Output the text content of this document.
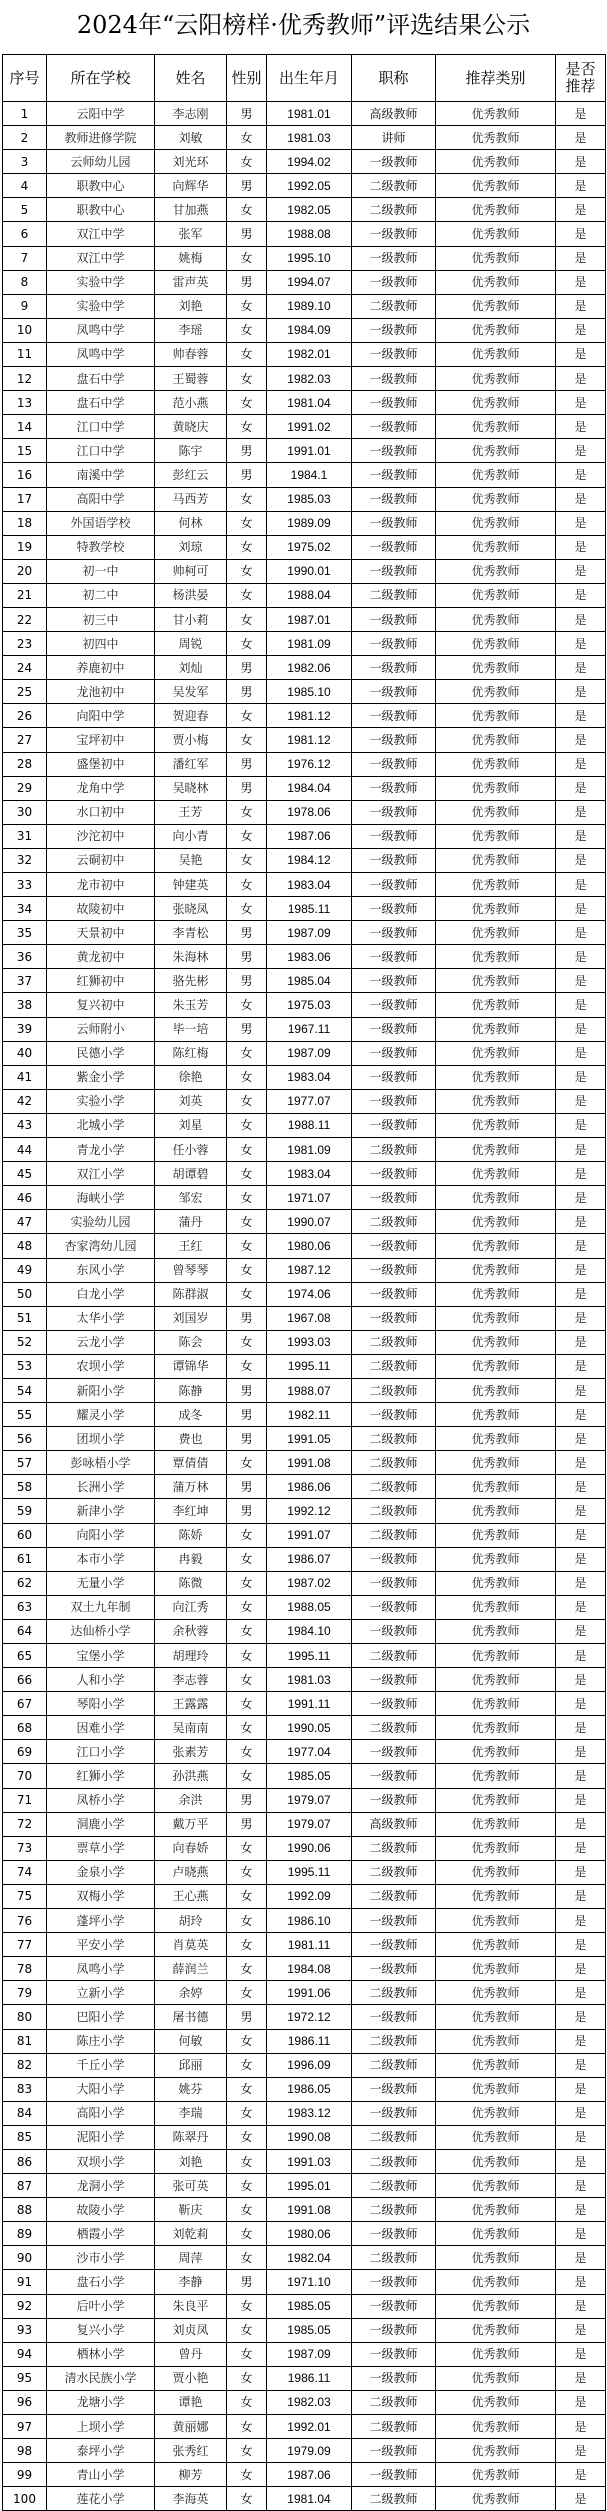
2024年“云阳榜样·优秀教师”评选结果公示
序号	所在学校	姓名	性别	出生年月	职称	推荐类别	是否推荐
1	云阳中学	李志刚	男	1981.01	高级教师	优秀教师	是
2	教师进修学院	刘敏	女	1981.03	讲师	优秀教师	是
3	云师幼儿园	刘光环	女	1994.02	一级教师	优秀教师	是
4	职教中心	向辉华	男	1992.05	二级教师	优秀教师	是
5	职教中心	甘加燕	女	1982.05	二级教师	优秀教师	是
6	双江中学	张军	男	1988.08	一级教师	优秀教师	是
7	双江中学	姚梅	女	1995.10	一级教师	优秀教师	是
8	实验中学	雷声英	男	1994.07	一级教师	优秀教师	是
9	实验中学	刘艳	女	1989.10	二级教师	优秀教师	是
10	凤鸣中学	李瑶	女	1984.09	一级教师	优秀教师	是
11	凤鸣中学	帅春蓉	女	1982.01	一级教师	优秀教师	是
12	盘石中学	王蜀蓉	女	1982.03	一级教师	优秀教师	是
13	盘石中学	范小燕	女	1981.04	一级教师	优秀教师	是
14	江口中学	黄晓庆	女	1991.02	一级教师	优秀教师	是
15	江口中学	陈宇	男	1991.01	一级教师	优秀教师	是
16	南溪中学	彭红云	男	1984.1	一级教师	优秀教师	是
17	高阳中学	马西芳	女	1985.03	一级教师	优秀教师	是
18	外国语学校	何林	女	1989.09	一级教师	优秀教师	是
19	特教学校	刘琼	女	1975.02	一级教师	优秀教师	是
20	初一中	帅柯可	女	1990.01	一级教师	优秀教师	是
21	初二中	杨洪晏	女	1988.04	二级教师	优秀教师	是
22	初三中	甘小莉	女	1987.01	一级教师	优秀教师	是
23	初四中	周锐	女	1981.09	一级教师	优秀教师	是
24	养鹿初中	刘灿	男	1982.06	一级教师	优秀教师	是
25	龙池初中	吴发军	男	1985.10	一级教师	优秀教师	是
26	向阳中学	贺迎春	女	1981.12	一级教师	优秀教师	是
27	宝坪初中	贾小梅	女	1981.12	一级教师	优秀教师	是
28	盛堡初中	潘红军	男	1976.12	一级教师	优秀教师	是
29	龙角中学	吴晓林	男	1984.04	一级教师	优秀教师	是
30	水口初中	王芳	女	1978.06	一级教师	优秀教师	是
31	沙沱初中	向小青	女	1987.06	一级教师	优秀教师	是
32	云硐初中	吴艳	女	1984.12	一级教师	优秀教师	是
33	龙市初中	钟建英	女	1983.04	一级教师	优秀教师	是
34	故陵初中	张晓凤	女	1985.11	一级教师	优秀教师	是
35	天景初中	李青松	男	1987.09	一级教师	优秀教师	是
36	黄龙初中	朱海林	男	1983.06	一级教师	优秀教师	是
37	红狮初中	骆先彬	男	1985.04	一级教师	优秀教师	是
38	复兴初中	朱玉芳	女	1975.03	一级教师	优秀教师	是
39	云师附小	毕一培	男	1967.11	一级教师	优秀教师	是
40	民德小学	陈红梅	女	1987.09	一级教师	优秀教师	是
41	紫金小学	徐艳	女	1983.04	一级教师	优秀教师	是
42	实验小学	刘英	女	1977.07	一级教师	优秀教师	是
43	北城小学	刘星	女	1988.11	一级教师	优秀教师	是
44	青龙小学	任小蓉	女	1981.09	二级教师	优秀教师	是
45	双江小学	胡谭碧	女	1983.04	一级教师	优秀教师	是
46	海峡小学	邹宏	女	1971.07	一级教师	优秀教师	是
47	实验幼儿园	蒲丹	女	1990.07	二级教师	优秀教师	是
48	杏家湾幼儿园	王红	女	1980.06	一级教师	优秀教师	是
49	东风小学	曾琴琴	女	1987.12	一级教师	优秀教师	是
50	白龙小学	陈群淑	女	1974.06	一级教师	优秀教师	是
51	太华小学	刘国岁	男	1967.08	一级教师	优秀教师	是
52	云龙小学	陈会	女	1993.03	二级教师	优秀教师	是
53	农坝小学	谭锦华	女	1995.11	二级教师	优秀教师	是
54	新阳小学	陈静	男	1988.07	二级教师	优秀教师	是
55	耀灵小学	成冬	男	1982.11	一级教师	优秀教师	是
56	团坝小学	费也	男	1991.05	二级教师	优秀教师	是
57	彭咏梧小学	覃倩倩	女	1991.08	二级教师	优秀教师	是
58	长洲小学	蒲万林	男	1986.06	二级教师	优秀教师	是
59	新津小学	李红坤	男	1992.12	二级教师	优秀教师	是
60	向阳小学	陈娇	女	1991.07	二级教师	优秀教师	是
61	本市小学	冉毅	女	1986.07	一级教师	优秀教师	是
62	无量小学	陈微	女	1987.02	一级教师	优秀教师	是
63	双土九年制	向江秀	女	1988.05	一级教师	优秀教师	是
64	达仙桥小学	余秋蓉	女	1984.10	一级教师	优秀教师	是
65	宝堡小学	胡理玲	女	1995.11	二级教师	优秀教师	是
66	人和小学	李志蓉	女	1981.03	一级教师	优秀教师	是
67	琴阳小学	王露露	女	1991.11	一级教师	优秀教师	是
68	因难小学	吴南南	女	1990.05	二级教师	优秀教师	是
69	江口小学	张素芳	女	1977.04	一级教师	优秀教师	是
70	红狮小学	孙洪燕	女	1985.05	一级教师	优秀教师	是
71	凤桥小学	余洪	男	1979.07	一级教师	优秀教师	是
72	洞鹿小学	戴万平	男	1979.07	高级教师	优秀教师	是
73	票草小学	向春娇	女	1990.06	二级教师	优秀教师	是
74	金泉小学	卢晓燕	女	1995.11	二级教师	优秀教师	是
75	双梅小学	王心燕	女	1992.09	二级教师	优秀教师	是
76	蓬坪小学	胡玲	女	1986.10	一级教师	优秀教师	是
77	平安小学	肖莫英	女	1981.11	一级教师	优秀教师	是
78	凤鸣小学	薛润兰	女	1984.08	一级教师	优秀教师	是
79	立新小学	余婷	女	1991.06	二级教师	优秀教师	是
80	巴阳小学	屠书德	男	1972.12	一级教师	优秀教师	是
81	陈庄小学	何敏	女	1986.11	二级教师	优秀教师	是
82	千丘小学	邱丽	女	1996.09	二级教师	优秀教师	是
83	大阳小学	姚芬	女	1986.05	一级教师	优秀教师	是
84	高阳小学	李瑞	女	1983.12	一级教师	优秀教师	是
85	泥阳小学	陈翠丹	女	1990.08	二级教师	优秀教师	是
86	双坝小学	刘艳	女	1991.03	二级教师	优秀教师	是
87	龙洞小学	张可英	女	1995.01	二级教师	优秀教师	是
88	故陵小学	靳庆	女	1991.08	二级教师	优秀教师	是
89	栖霞小学	刘乾莉	女	1980.06	一级教师	优秀教师	是
90	沙市小学	周萍	女	1982.04	二级教师	优秀教师	是
91	盘石小学	李静	男	1971.10	一级教师	优秀教师	是
92	后叶小学	朱良平	女	1985.05	一级教师	优秀教师	是
93	复兴小学	刘贞凤	女	1985.05	一级教师	优秀教师	是
94	栖林小学	曾丹	女	1987.09	一级教师	优秀教师	是
95	清水民族小学	贾小艳	女	1986.11	一级教师	优秀教师	是
96	龙塘小学	谭艳	女	1982.03	二级教师	优秀教师	是
97	上坝小学	黄丽娜	女	1992.01	二级教师	优秀教师	是
98	泰坪小学	张秀红	女	1979.09	一级教师	优秀教师	是
99	青山小学	柳芳	女	1987.06	一级教师	优秀教师	是
100	莲花小学	李海英	女	1981.04	二级教师	优秀教师	是
